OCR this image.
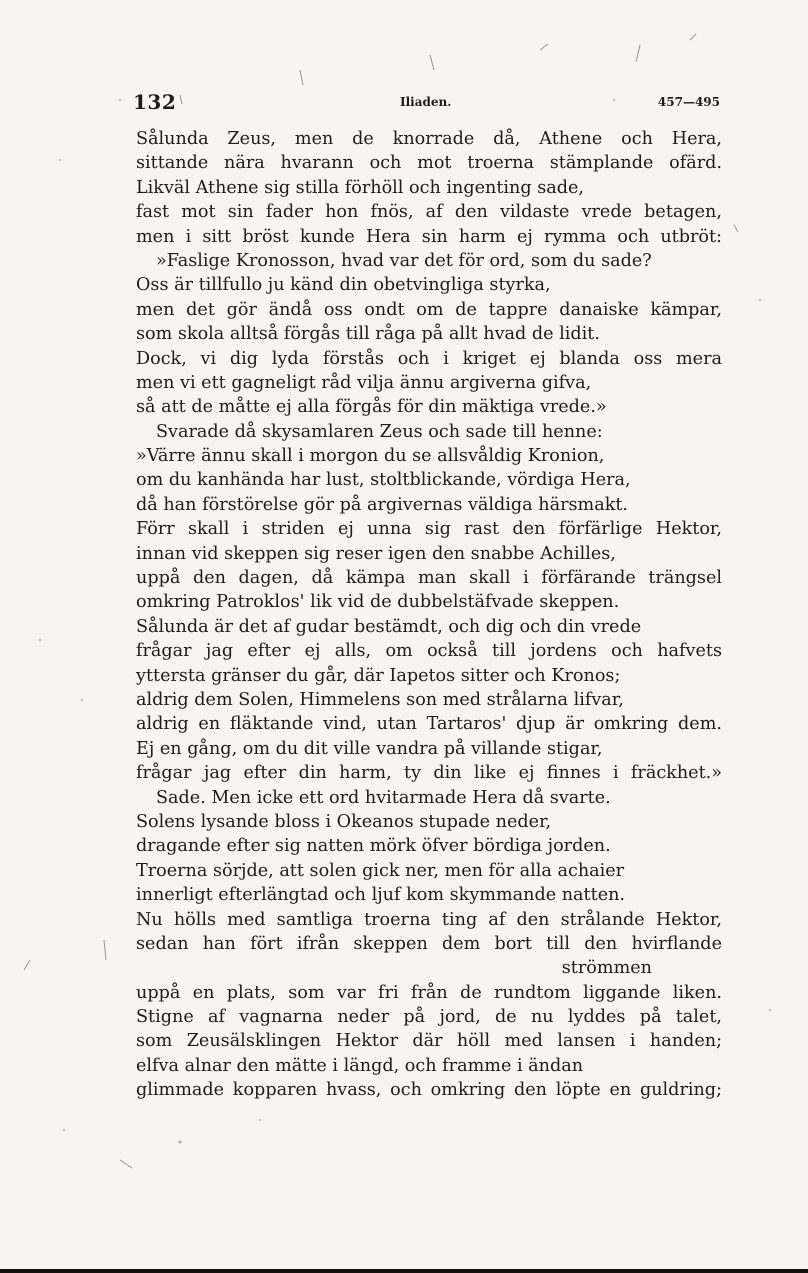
132	Iliaden.	457—495
Sålunda Zeus, men de knorrade då, Athene och Hera,
sittande nära hvarann och mot troerna stämplande ofärd.
Likväl Athene sig stilla förhöll och ingenting sade,
fast mot sin fader hon fnös, af den vildaste vrede betagen,
men i sitt bröst kunde Hera sin harm ej rymma och utbröt:
»Faslige Kronosson, hvad var det för ord, som du sade?
Oss är tillfullo ju känd din obetvingliga styrka,
men det gör ändå oss ondt om de tappre danaiske kämpar,
som skola alltså förgås till råga på allt hvad de lidit.
Dock, vi dig lyda förstås och i kriget ej blanda oss mera
men vi ett gagneligt råd vilja ännu argiverna gifva,
så att de måtte ej alla förgås för din mäktiga vrede.»
Svarade då skysamlaren Zeus och sade till henne:
»Värre ännu skall i morgon du se allsvåldig Kronion,
om du kanhända har lust, stoltblickande, vördiga Hera,
då han förstörelse gör på argivernas väldiga härsmakt.
Förr skall i striden ej unna sig rast den förfärlige Hektor,
innan vid skeppen sig reser igen den snabbe Achilles,
uppå den dagen, då kämpa man skall i förfärande trängsel
omkring Patroklos' lik vid de dubbelstäfvade skeppen.
Sålunda är det af gudar bestämdt, och dig och din vrede
frågar jag efter ej alls, om också till jordens och hafvets
yttersta gränser du går, där Iapetos sitter och Kronos;
aldrig dem Solen, Himmelens son med strålarna lifvar,
aldrig en fläktande vind, utan Tartaros' djup är omkring dem.
Ej en gång, om du dit ville vandra på villande stigar,
frågar jag efter din harm, ty din like ej finnes i fräckhet.»
Sade. Men icke ett ord hvitarmade Hera då svarte.
Solens lysande bloss i Okeanos stupade neder,
dragande efter sig natten mörk öfver bördiga jorden.
Troerna sörjde, att solen gick ner, men för alla achaier
innerligt efterlängtad och ljuf kom skymmande natten.
Nu hölls med samtliga troerna ting af den strålande Hektor,
sedan han fört ifrån skeppen dem bort till den hvirflande
strömmen
uppå en plats, som var fri från de rundtom liggande liken.
Stigne af vagnarna neder på jord, de nu lyddes på talet,
som Zeusälsklingen Hektor där höll med lansen i handen;
elfva alnar den mätte i längd, och framme i ändan
glimmade kopparen hvass, och omkring den löpte en guldring;
